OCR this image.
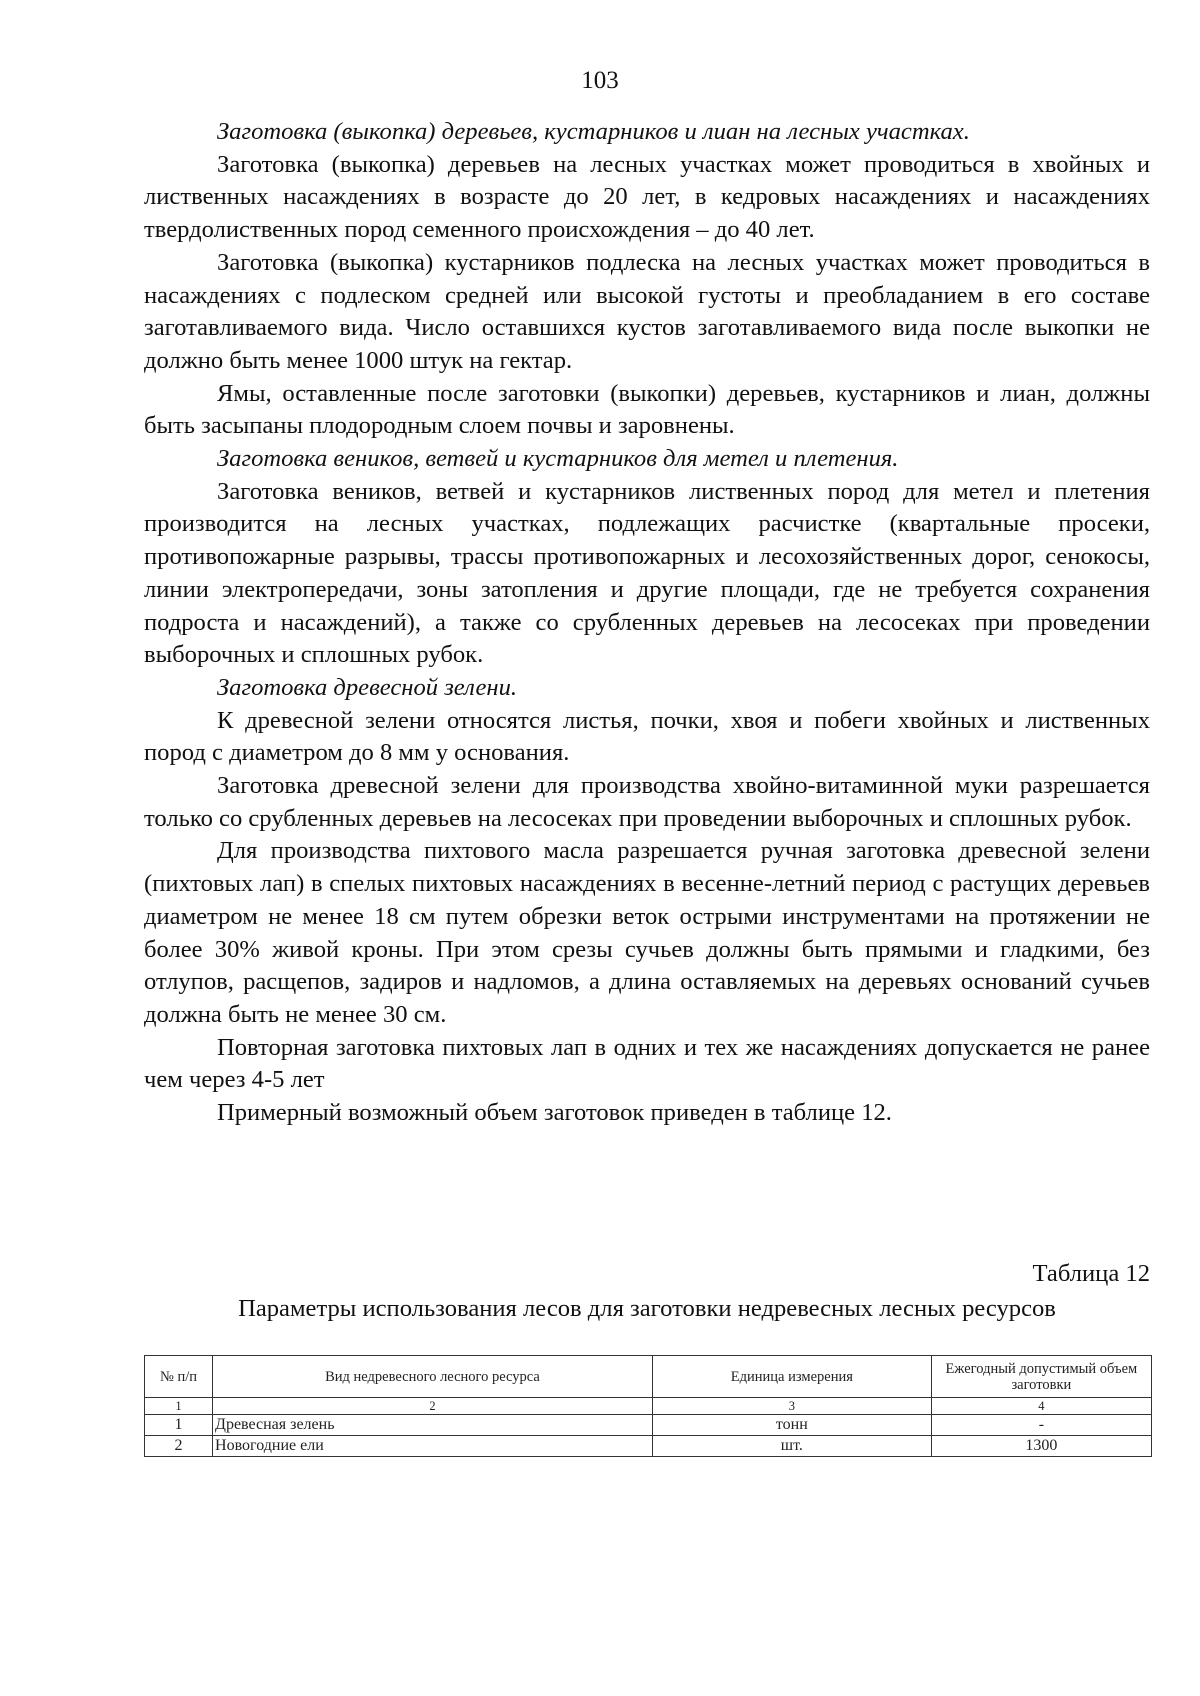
103

Заготовка (выкопка) деревьев, кустарников и лиан на лесных участках.

Заготовка (выкопка) деревьев на лесных участках может проводиться в хвойных и лиственных насаждениях в возрасте до 20 лет, в кедровых насаждениях и насаждениях твердолиственных пород семенного происхождения – до 40 лет.

Заготовка (выкопка) кустарников подлеска на лесных участках может проводиться в насаждениях с подлеском средней или высокой густоты и преобладанием в его составе заготавливаемого вида. Число оставшихся кустов заготавливаемого вида после выкопки не должно быть менее 1000 штук на гектар.

Ямы, оставленные после заготовки (выкопки) деревьев, кустарников и лиан, должны быть засыпаны плодородным слоем почвы и заровнены.

Заготовка веников, ветвей и кустарников для метел и плетения.

Заготовка веников, ветвей и кустарников лиственных пород для метел и плетения производится на лесных участках, подлежащих расчистке (квартальные просеки, противопожарные разрывы, трассы противопожарных и лесохозяйственных дорог, сенокосы, линии электропередачи, зоны затопления и другие площади, где не требуется сохранения подроста и насаждений), а также со срубленных деревьев на лесосеках при проведении выборочных и сплошных рубок.

Заготовка древесной зелени.

К древесной зелени относятся листья, почки, хвоя и побеги хвойных и лиственных пород с диаметром до 8 мм у основания.

Заготовка древесной зелени для производства хвойно-витаминной муки разрешается только со срубленных деревьев на лесосеках при проведении выборочных и сплошных рубок.

Для производства пихтового масла разрешается ручная заготовка древесной зелени (пихтовых лап) в спелых пихтовых насаждениях в весенне-летний период с растущих деревьев диаметром не менее 18 см путем обрезки веток острыми инструментами на протяжении не более 30% живой кроны. При этом срезы сучьев должны быть прямыми и гладкими, без отлупов, расщепов, задиров и надломов, а длина оставляемых на деревьях оснований сучьев должна быть не менее 30 см.

Повторная заготовка пихтовых лап в одних и тех же насаждениях допускается не ранее чем через 4-5 лет

Примерный возможный объем заготовок приведен в таблице 12.

Таблица 12
Параметры использования лесов для заготовки недревесных лесных ресурсов
№ п/п	Вид недревесного лесного ресурса	Единица измерения	Ежегодный допустимый объем заготовки
1	2	3	4
1	Древесная зелень	тонн	-
2	Новогодние ели	шт.	1300
